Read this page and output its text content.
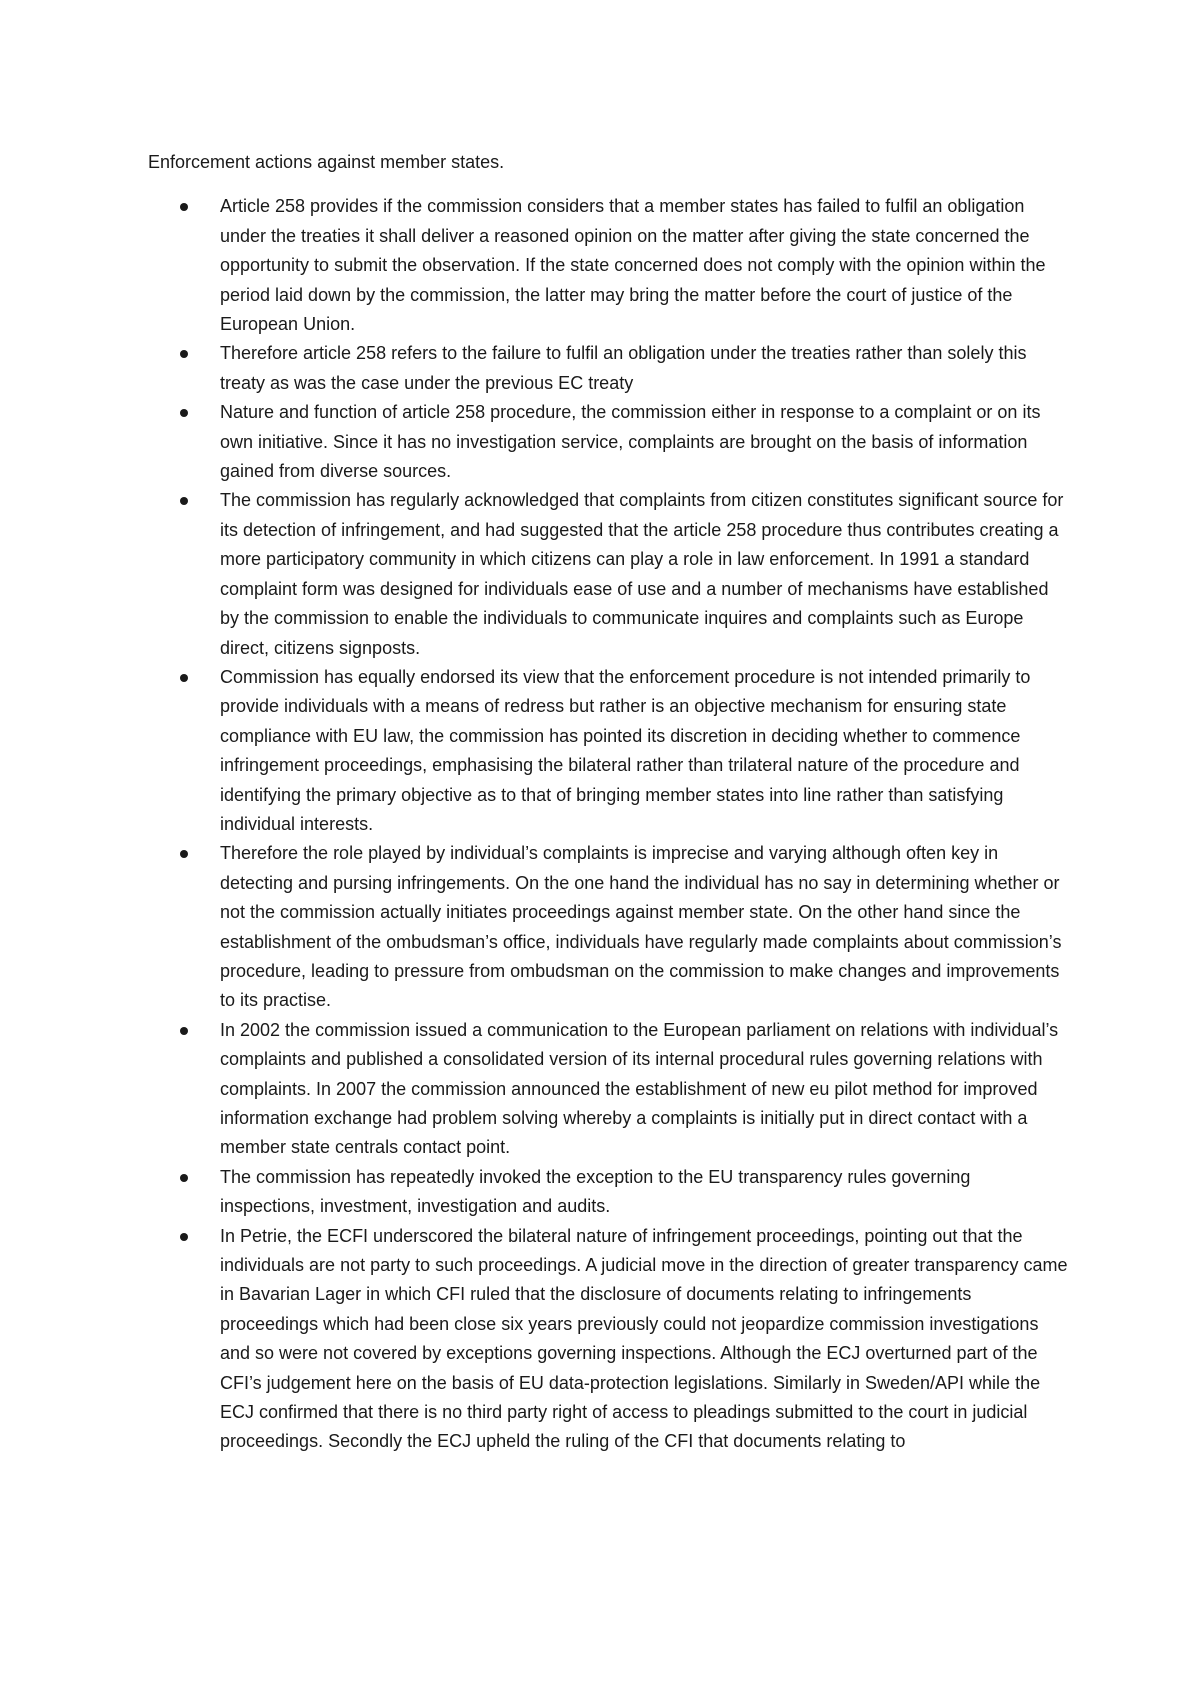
Enforcement actions against member states.

Article 258 provides if the commission considers that a member states has failed to fulfil an obligation under the treaties it shall deliver a reasoned opinion on the matter after giving the state concerned the opportunity to submit the observation. If the state concerned does not comply with the opinion within the period laid down by the commission, the latter may bring the matter before the court of justice of the European Union.
Therefore article 258 refers to the failure to fulfil an obligation under the treaties rather than solely this treaty as was the case under the previous EC treaty
Nature and function of article 258 procedure, the commission either in response to a complaint or on its own initiative. Since it has no investigation service, complaints are brought on the basis of information gained from diverse sources.
The commission has regularly acknowledged that complaints from citizen constitutes significant source for its detection of infringement, and had suggested that the article 258 procedure thus contributes creating a more participatory community in which citizens can play a role in law enforcement. In 1991 a standard complaint form was designed for individuals ease of use and a number of mechanisms have established by the commission to enable the individuals to communicate inquires and complaints such as Europe direct, citizens signposts.
Commission has equally endorsed its view that the enforcement procedure is not intended primarily to provide individuals with a means of redress but rather is an objective mechanism for ensuring state compliance with EU law, the commission has pointed its discretion in deciding whether to commence infringement proceedings, emphasising the bilateral rather than trilateral nature of the procedure and identifying the primary objective as to that of bringing member states into line rather than satisfying individual interests.
Therefore the role played by individual’s complaints is imprecise and varying although often key in detecting and pursing infringements. On the one hand the individual has no say in determining whether or not the commission actually initiates proceedings against member state. On the other hand since the establishment of the ombudsman’s office, individuals have regularly made complaints about commission’s procedure, leading to pressure from ombudsman on the commission to make changes and improvements to its practise.
In 2002 the commission issued a communication to the European parliament on relations with individual’s complaints and published a consolidated version of its internal procedural rules governing relations with complaints. In 2007 the commission announced the establishment of new eu pilot method for improved information exchange had problem solving whereby a complaints is initially put in direct contact with a member state centrals contact point.
The commission has repeatedly invoked the exception to the EU transparency rules governing inspections, investment, investigation and audits.
In Petrie, the ECFI underscored the bilateral nature of infringement proceedings, pointing out that the individuals are not party to such proceedings. A judicial move in the direction of greater transparency came in Bavarian Lager in which CFI ruled that the disclosure of documents relating to infringements proceedings which had been close six years previously could not jeopardize commission investigations and so were not covered by exceptions governing inspections. Although the ECJ overturned part of the CFI’s judgement here on the basis of EU data-protection legislations. Similarly in Sweden/API while the ECJ confirmed that there is no third party right of access to pleadings submitted to the court in judicial proceedings. Secondly the ECJ upheld the ruling of the CFI that documents relating to
